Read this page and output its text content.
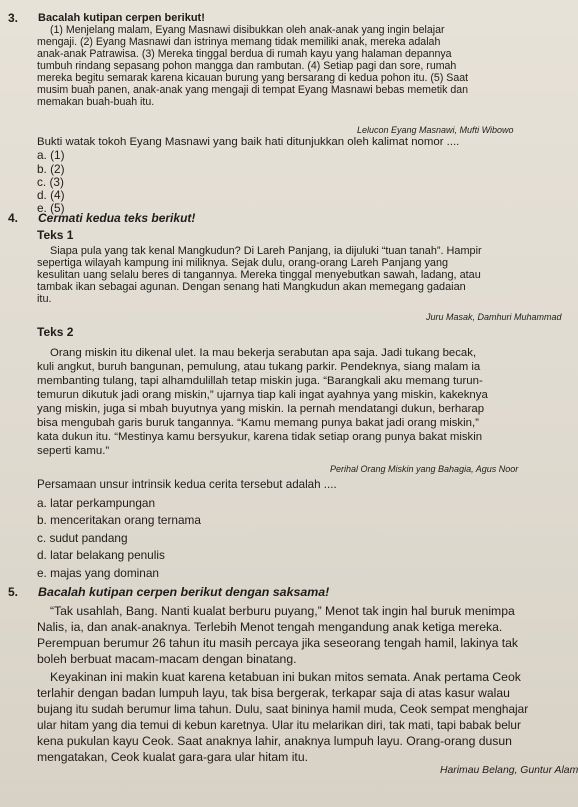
3. Bacalah kutipan cerpen berikut!
(1) Menjelang malam, Eyang Masnawi disibukkan oleh anak-anak yang ingin belajar
mengaji. (2) Eyang Masnawi dan istrinya memang tidak memiliki anak, mereka adalah
anak-anak Patrawisa. (3) Mereka tinggal berdua di rumah kayu yang halaman depannya
tumbuh rindang sepasang pohon mangga dan rambutan. (4) Setiap pagi dan sore, rumah
mereka begitu semarak karena kicauan burung yang bersarang di kedua pohon itu. (5) Saat
musim buah panen, anak-anak yang mengaji di tempat Eyang Masnawi bebas memetik dan
memakan buah-buah itu.
Lelucon Eyang Masnawi, Mufti Wibowo
Bukti watak tokoh Eyang Masnawi yang baik hati ditunjukkan oleh kalimat nomor ....
a. (1)
b. (2)
c. (3)
d. (4)
e. (5)
4. Cermati kedua teks berikut!
Teks 1
Siapa pula yang tak kenal Mangkudun? Di Lareh Panjang, ia dijuluki “tuan tanah”. Hampir
sepertiga wilayah kampung ini miliknya. Sejak dulu, orang-orang Lareh Panjang yang
kesulitan uang selalu beres di tangannya. Mereka tinggal menyebutkan sawah, ladang, atau
tambak ikan sebagai agunan. Dengan senang hati Mangkudun akan memegang gadaian
itu.
Juru Masak, Damhuri Muhammad
Teks 2
Orang miskin itu dikenal ulet. Ia mau bekerja serabutan apa saja. Jadi tukang becak,
kuli angkut, buruh bangunan, pemulung, atau tukang parkir. Pendeknya, siang malam ia
membanting tulang, tapi alhamdulillah tetap miskin juga. “Barangkali aku memang turun-
temurun dikutuk jadi orang miskin,” ujarnya tiap kali ingat ayahnya yang miskin, kakeknya
yang miskin, juga si mbah buyutnya yang miskin. Ia pernah mendatangi dukun, berharap
bisa mengubah garis buruk tangannya. “Kamu memang punya bakat jadi orang miskin,”
kata dukun itu. “Mestinya kamu bersyukur, karena tidak setiap orang punya bakat miskin
seperti kamu.”
Perihal Orang Miskin yang Bahagia, Agus Noor
Persamaan unsur intrinsik kedua cerita tersebut adalah ....
a. latar perkampungan
b. menceritakan orang ternama
c. sudut pandang
d. latar belakang penulis
e. majas yang dominan
5. Bacalah kutipan cerpen berikut dengan saksama!
“Tak usahlah, Bang. Nanti kualat berburu puyang,” Menot tak ingin hal buruk menimpa
Nalis, ia, dan anak-anaknya. Terlebih Menot tengah mengandung anak ketiga mereka.
Perempuan berumur 26 tahun itu masih percaya jika seseorang tengah hamil, lakinya tak
boleh berbuat macam-macam dengan binatang.
Keyakinan ini makin kuat karena ketabuan ini bukan mitos semata. Anak pertama Ceok
terlahir dengan badan lumpuh layu, tak bisa bergerak, terkapar saja di atas kasur walau
bujang itu sudah berumur lima tahun. Dulu, saat bininya hamil muda, Ceok sempat menghajar
ular hitam yang dia temui di kebun karetnya. Ular itu melarikan diri, tak mati, tapi babak belur
kena pukulan kayu Ceok. Saat anaknya lahir, anaknya lumpuh layu. Orang-orang dusun
mengatakan, Ceok kualat gara-gara ular hitam itu.
Harimau Belang, Guntur Alam
